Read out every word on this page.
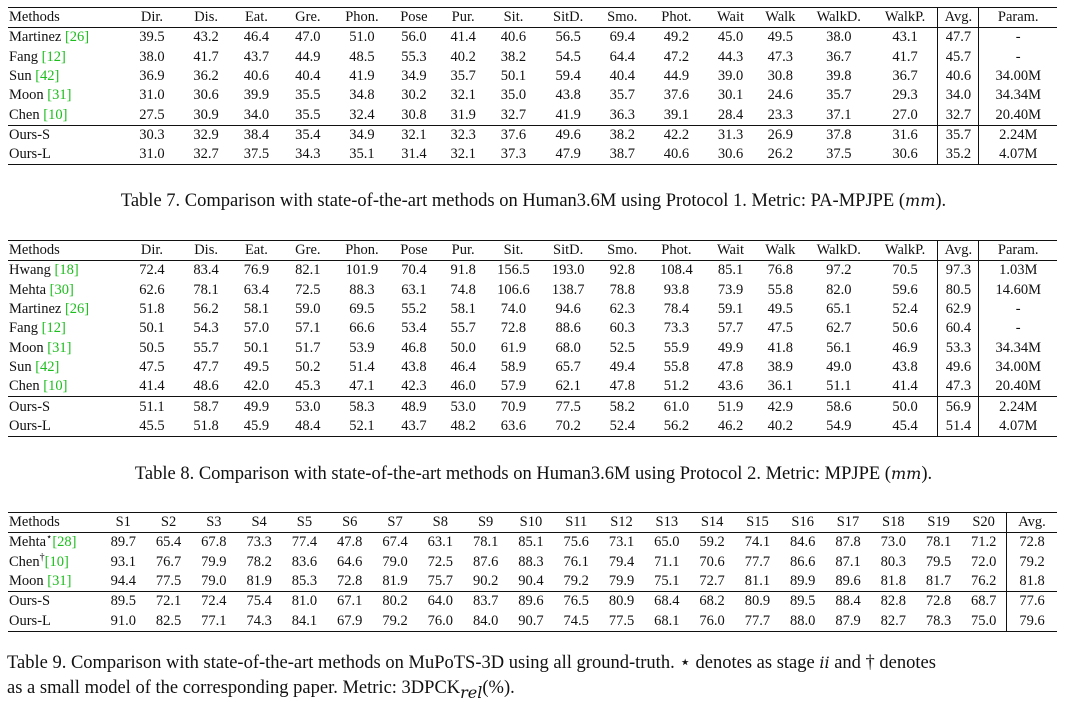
Methods	Dir.	Dis.	Eat.	Gre.	Phon.	Pose	Pur.	Sit.	SitD.	Smo.	Phot.	Wait	Walk	WalkD.	WalkP.	Avg.	Param.
Martinez [26]	39.5	43.2	46.4	47.0	51.0	56.0	41.4	40.6	56.5	69.4	49.2	45.0	49.5	38.0	43.1	47.7	-
Fang [12]	38.0	41.7	43.7	44.9	48.5	55.3	40.2	38.2	54.5	64.4	47.2	44.3	47.3	36.7	41.7	45.7	-
Sun [42]	36.9	36.2	40.6	40.4	41.9	34.9	35.7	50.1	59.4	40.4	44.9	39.0	30.8	39.8	36.7	40.6	34.00M
Moon [31]	31.0	30.6	39.9	35.5	34.8	30.2	32.1	35.0	43.8	35.7	37.6	30.1	24.6	35.7	29.3	34.0	34.34M
Chen [10]	27.5	30.9	34.0	35.5	32.4	30.8	31.9	32.7	41.9	36.3	39.1	28.4	23.3	37.1	27.0	32.7	20.40M
Ours-S	30.3	32.9	38.4	35.4	34.9	32.1	32.3	37.6	49.6	38.2	42.2	31.3	26.9	37.8	31.6	35.7	2.24M
Ours-L	31.0	32.7	37.5	34.3	35.1	31.4	32.1	37.3	47.9	38.7	40.6	30.6	26.2	37.5	30.6	35.2	4.07M
Table 7. Comparison with state-of-the-art methods on Human3.6M using Protocol 1. Metric: PA-MPJPE (mm).
Methods	Dir.	Dis.	Eat.	Gre.	Phon.	Pose	Pur.	Sit.	SitD.	Smo.	Phot.	Wait	Walk	WalkD.	WalkP.	Avg.	Param.
Hwang [18]	72.4	83.4	76.9	82.1	101.9	70.4	91.8	156.5	193.0	92.8	108.4	85.1	76.8	97.2	70.5	97.3	1.03M
Mehta [30]	62.6	78.1	63.4	72.5	88.3	63.1	74.8	106.6	138.7	78.8	93.8	73.9	55.8	82.0	59.6	80.5	14.60M
Martinez [26]	51.8	56.2	58.1	59.0	69.5	55.2	58.1	74.0	94.6	62.3	78.4	59.1	49.5	65.1	52.4	62.9	-
Fang [12]	50.1	54.3	57.0	57.1	66.6	53.4	55.7	72.8	88.6	60.3	73.3	57.7	47.5	62.7	50.6	60.4	-
Moon [31]	50.5	55.7	50.1	51.7	53.9	46.8	50.0	61.9	68.0	52.5	55.9	49.9	41.8	56.1	46.9	53.3	34.34M
Sun [42]	47.5	47.7	49.5	50.2	51.4	43.8	46.4	58.9	65.7	49.4	55.8	47.8	38.9	49.0	43.8	49.6	34.00M
Chen [10]	41.4	48.6	42.0	45.3	47.1	42.3	46.0	57.9	62.1	47.8	51.2	43.6	36.1	51.1	41.4	47.3	20.40M
Ours-S	51.1	58.7	49.9	53.0	58.3	48.9	53.0	70.9	77.5	58.2	61.0	51.9	42.9	58.6	50.0	56.9	2.24M
Ours-L	45.5	51.8	45.9	48.4	52.1	43.7	48.2	63.6	70.2	52.4	56.2	46.2	40.2	54.9	45.4	51.4	4.07M
Table 8. Comparison with state-of-the-art methods on Human3.6M using Protocol 2. Metric: MPJPE (mm).
Methods	S1	S2	S3	S4	S5	S6	S7	S8	S9	S10	S11	S12	S13	S14	S15	S16	S17	S18	S19	S20	Avg.
Mehta⋆[28]	89.7	65.4	67.8	73.3	77.4	47.8	67.4	63.1	78.1	85.1	75.6	73.1	65.0	59.2	74.1	84.6	87.8	73.0	78.1	71.2	72.8
Chen†[10]	93.1	76.7	79.9	78.2	83.6	64.6	79.0	72.5	87.6	88.3	76.1	79.4	71.1	70.6	77.7	86.6	87.1	80.3	79.5	72.0	79.2
Moon [31]	94.4	77.5	79.0	81.9	85.3	72.8	81.9	75.7	90.2	90.4	79.2	79.9	75.1	72.7	81.1	89.9	89.6	81.8	81.7	76.2	81.8
Ours-S	89.5	72.1	72.4	75.4	81.0	67.1	80.2	64.0	83.7	89.6	76.5	80.9	68.4	68.2	80.9	89.5	88.4	82.8	72.8	68.7	77.6
Ours-L	91.0	82.5	77.1	74.3	84.1	67.9	79.2	76.0	84.0	90.7	74.5	77.5	68.1	76.0	77.7	88.0	87.9	82.7	78.3	75.0	79.6
Table 9. Comparison with state-of-the-art methods on MuPoTS-3D using all ground-truth. ⋆ denotes as stage ii and † denotes
as a small model of the corresponding paper. Metric: $3DPCK_{rel}(\%)$.
